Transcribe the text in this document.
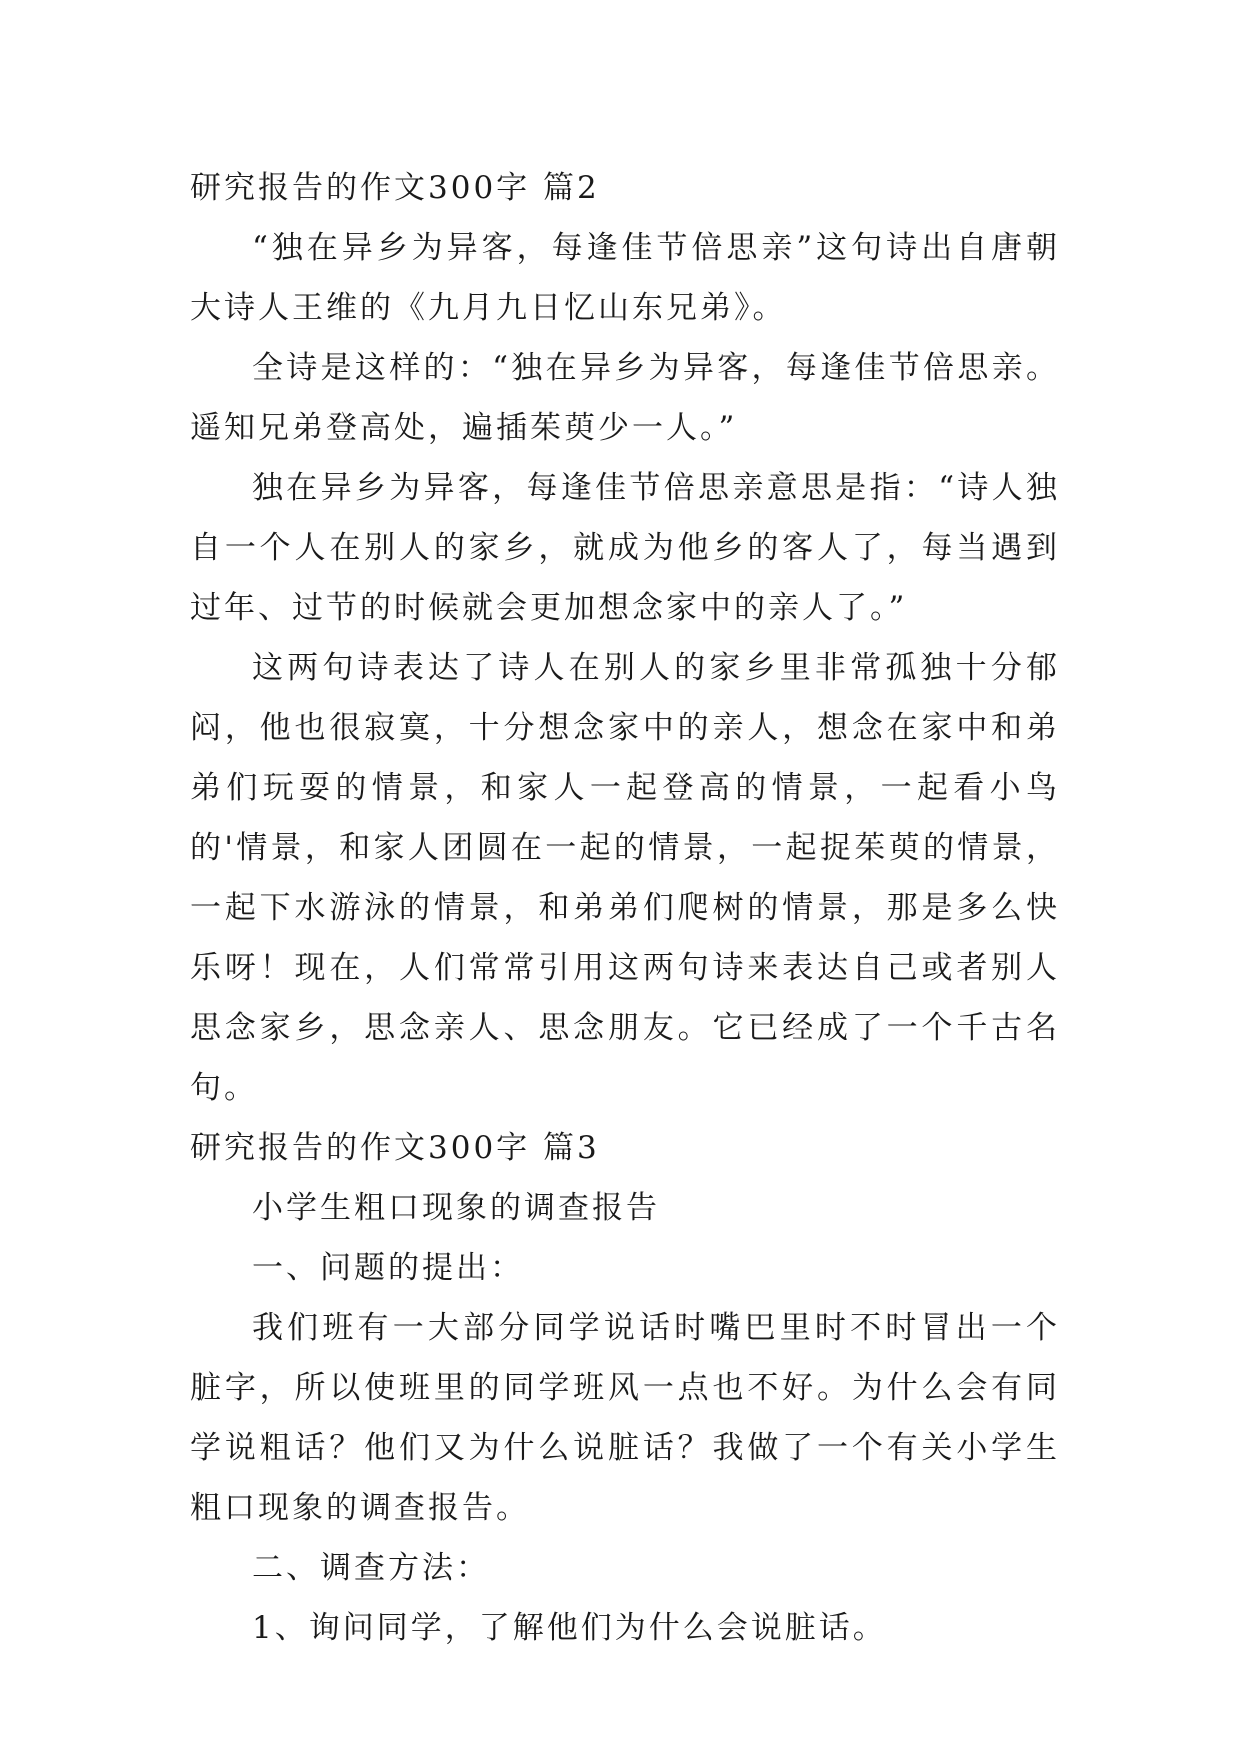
研究报告的作文300字 篇2

“独在异乡为异客，每逢佳节倍思亲”这句诗出自唐朝大诗人王维的《九月九日忆山东兄弟》。

全诗是这样的：“独在异乡为异客，每逢佳节倍思亲。遥知兄弟登高处，遍插茱萸少一人。”

独在异乡为异客，每逢佳节倍思亲意思是指：“诗人独自一个人在别人的家乡，就成为他乡的客人了，每当遇到过年、过节的时候就会更加想念家中的亲人了。”

这两句诗表达了诗人在别人的家乡里非常孤独十分郁闷，他也很寂寞，十分想念家中的亲人，想念在家中和弟弟们玩耍的情景，和家人一起登高的情景，一起看小鸟的'情景，和家人团圆在一起的情景，一起捉茱萸的情景，一起下水游泳的情景，和弟弟们爬树的情景，那是多么快乐呀！现在，人们常常引用这两句诗来表达自己或者别人思念家乡，思念亲人、思念朋友。它已经成了一个千古名句。

研究报告的作文300字 篇3

小学生粗口现象的调查报告

一、问题的提出：

我们班有一大部分同学说话时嘴巴里时不时冒出一个脏字，所以使班里的同学班风一点也不好。为什么会有同学说粗话？他们又为什么说脏话？我做了一个有关小学生粗口现象的调查报告。

二、调查方法：

1、询问同学，了解他们为什么会说脏话。
